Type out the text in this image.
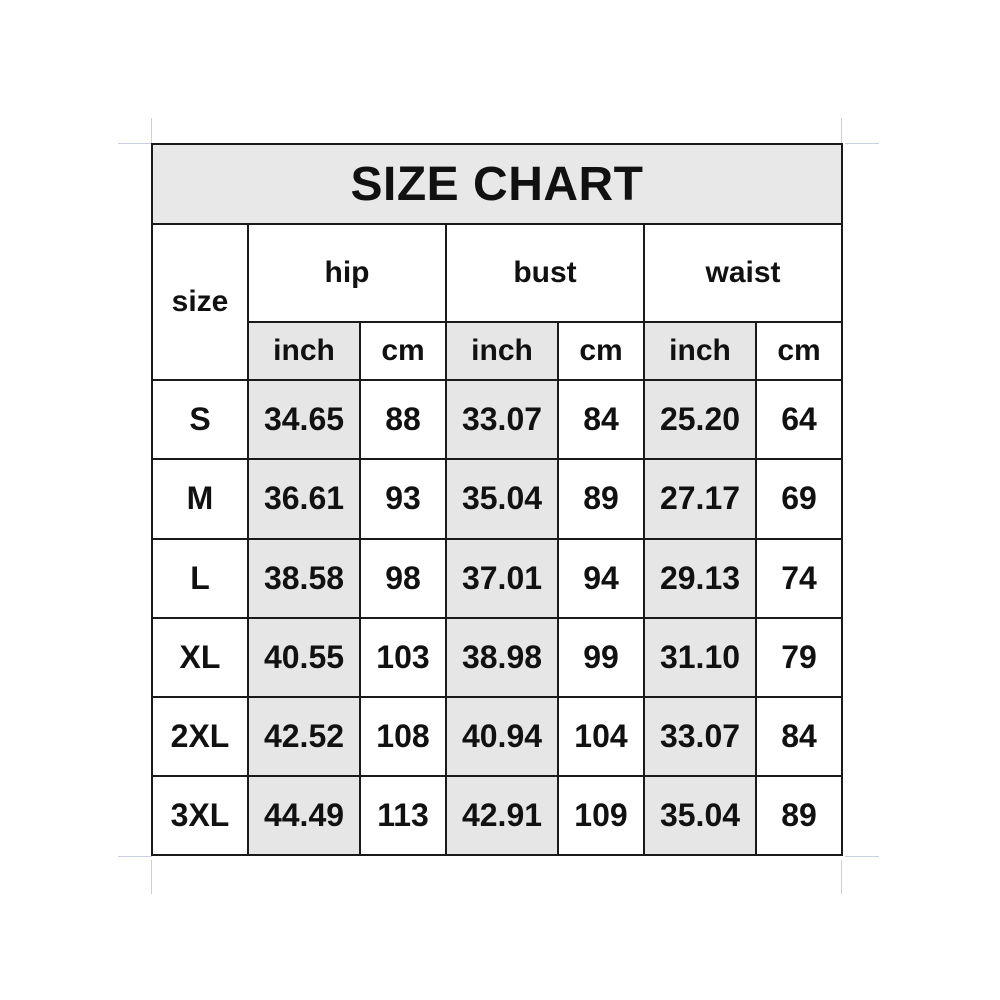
SIZE CHART						
size	hip		bust		waist	
	inch	cm	inch	cm	inch	cm
S	34.65	88	33.07	84	25.20	64
M	36.61	93	35.04	89	27.17	69
L	38.58	98	37.01	94	29.13	74
XL	40.55	103	38.98	99	31.10	79
2XL	42.52	108	40.94	104	33.07	84
3XL	44.49	113	42.91	109	35.04	89
